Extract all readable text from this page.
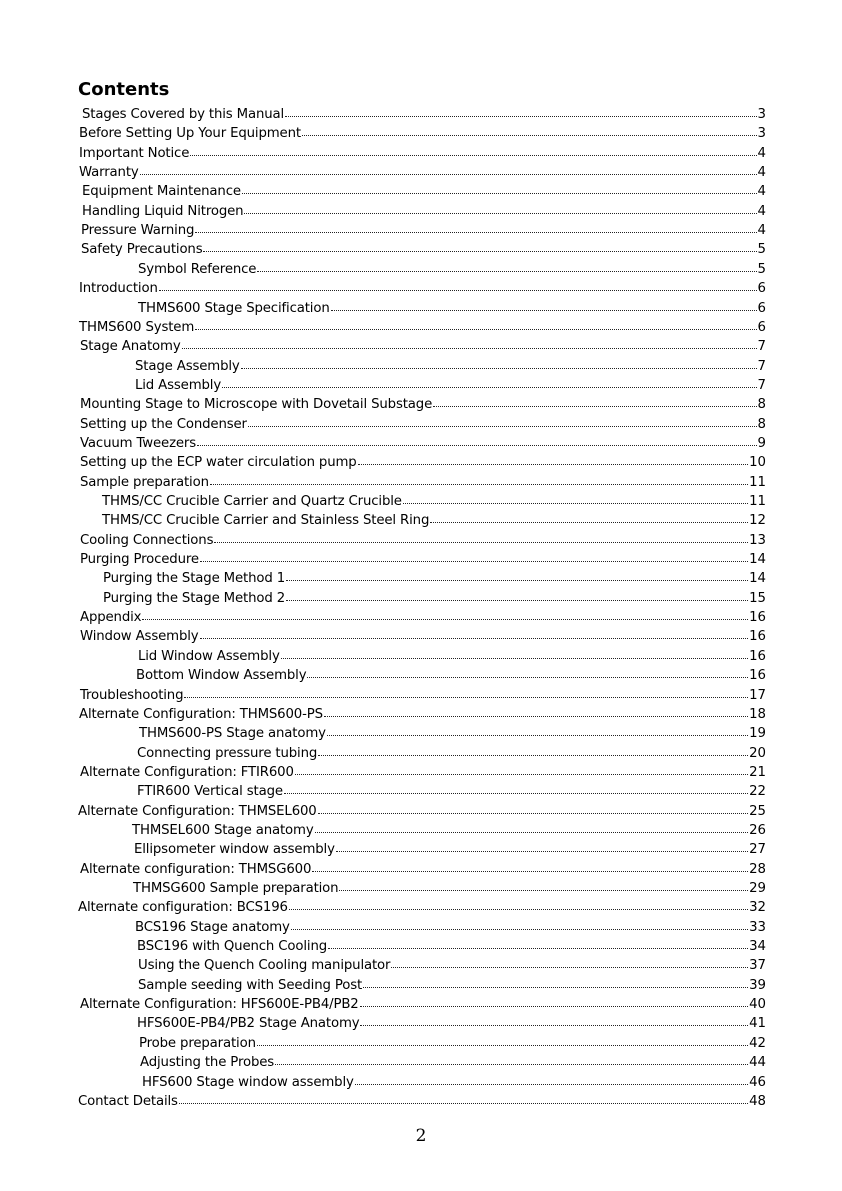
Contents
Stages Covered by this Manual	3
Before Setting Up Your Equipment	3
Important Notice	4
Warranty	4
Equipment Maintenance	4
Handling Liquid Nitrogen	4
Pressure Warning	4
Safety Precautions	5
Symbol Reference	5
Introduction	6
THMS600 Stage Specification	6
THMS600 System	6
Stage Anatomy	7
Stage Assembly	7
Lid Assembly	7
Mounting Stage to Microscope with Dovetail Substage	8
Setting up the Condenser	8
Vacuum Tweezers	9
Setting up the ECP water circulation pump	10
Sample preparation	11
THMS/CC Crucible Carrier and Quartz Crucible	11
THMS/CC Crucible Carrier and Stainless Steel Ring	12
Cooling Connections	13
Purging Procedure	14
Purging the Stage Method 1	14
Purging the Stage Method 2	15
Appendix	16
Window Assembly	16
Lid Window Assembly	16
Bottom Window Assembly	16
Troubleshooting	17
Alternate Configuration: THMS600-PS	18
THMS600-PS Stage anatomy	19
Connecting pressure tubing	20
Alternate Configuration: FTIR600	21
FTIR600 Vertical stage	22
Alternate Configuration: THMSEL600	25
THMSEL600 Stage anatomy	26
Ellipsometer window assembly	27
Alternate configuration: THMSG600	28
THMSG600 Sample preparation	29
Alternate configuration: BCS196	32
BCS196 Stage anatomy	33
BSC196 with Quench Cooling	34
Using the Quench Cooling manipulator	37
Sample seeding with Seeding Post	39
Alternate Configuration: HFS600E-PB4/PB2	40
HFS600E-PB4/PB2 Stage Anatomy	41
Probe preparation	42
Adjusting the Probes	44
HFS600 Stage window assembly	46
Contact Details	48
2
